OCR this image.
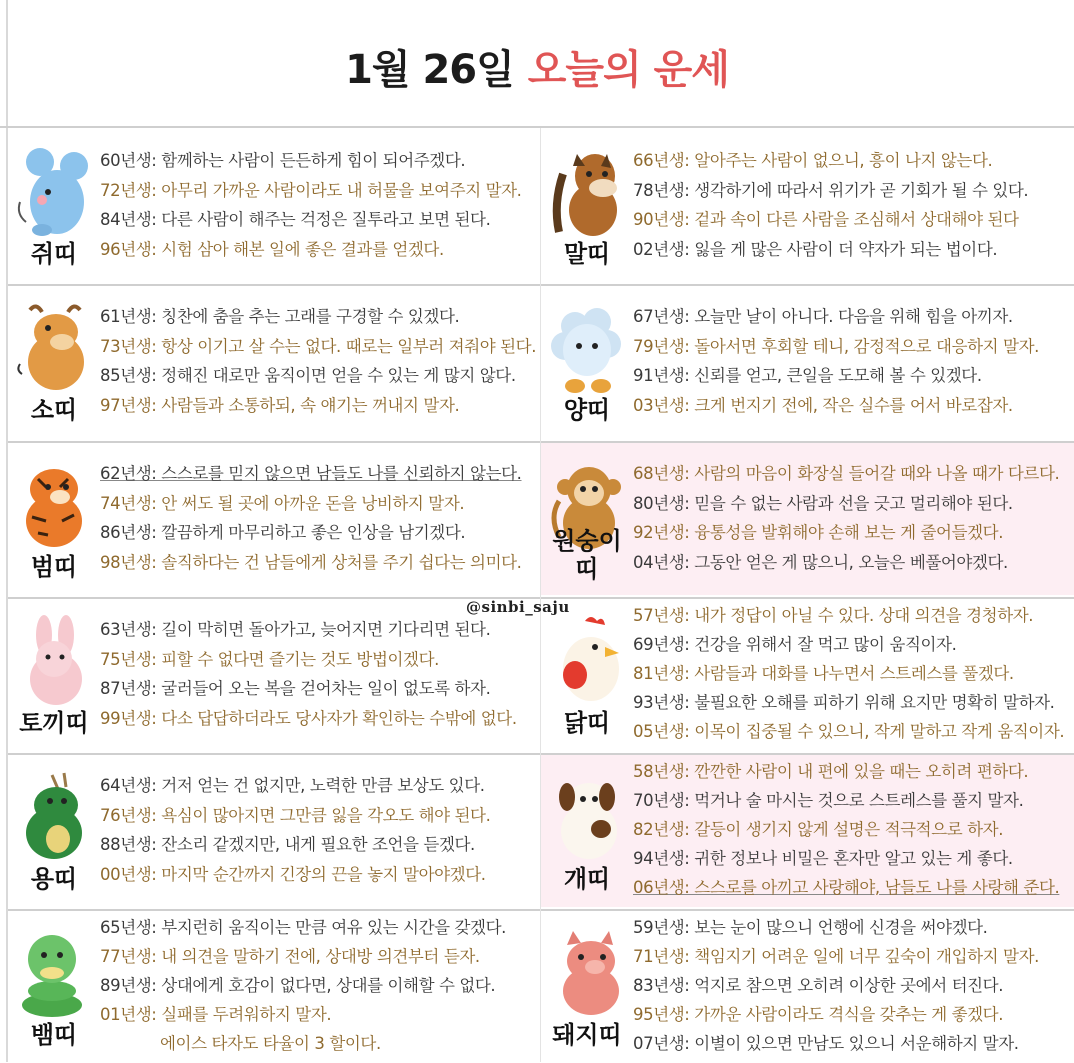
1월 26일 오늘의 운세
쥐띠
60년생: 함께하는 사람이 든든하게 힘이 되어주겠다.
72년생: 아무리 가까운 사람이라도 내 허물을 보여주지 말자.
84년생: 다른 사람이 해주는 걱정은 질투라고 보면 된다.
96년생: 시험 삼아 해본 일에 좋은 결과를 얻겠다.	말띠
66년생: 알아주는 사람이 없으니, 흥이 나지 않는다.
78년생: 생각하기에 따라서 위기가 곧 기회가 될 수 있다.
90년생: 겉과 속이 다른 사람을 조심해서 상대해야 된다
02년생: 잃을 게 많은 사람이 더 약자가 되는 법이다.
소띠
61년생: 칭찬에 춤을 추는 고래를 구경할 수 있겠다.
73년생: 항상 이기고 살 수는 없다. 때로는 일부러 져줘야 된다.
85년생: 정해진 대로만 움직이면 얻을 수 있는 게 많지 않다.
97년생: 사람들과 소통하되, 속 얘기는 꺼내지 말자.	양띠
67년생: 오늘만 날이 아니다. 다음을 위해 힘을 아끼자.
79년생: 돌아서면 후회할 테니, 감정적으로 대응하지 말자.
91년생: 신뢰를 얻고, 큰일을 도모해 볼 수 있겠다.
03년생: 크게 번지기 전에, 작은 실수를 어서 바로잡자.
범띠
62년생: 스스로를 믿지 않으면 남들도 나를 신뢰하지 않는다.
74년생: 안 써도 될 곳에 아까운 돈을 낭비하지 말자.
86년생: 깔끔하게 마무리하고 좋은 인상을 남기겠다.
98년생: 솔직하다는 건 남들에게 상처를 주기 쉽다는 의미다.
원숭이띠
68년생: 사람의 마음이 화장실 들어갈 때와 나올 때가 다르다.
80년생: 믿을 수 없는 사람과 선을 긋고 멀리해야 된다.
92년생: 융통성을 발휘해야 손해 보는 게 줄어들겠다.
04년생: 그동안 얻은 게 많으니, 오늘은 베풀어야겠다.
토끼띠
63년생: 길이 막히면 돌아가고, 늦어지면 기다리면 된다.
75년생: 피할 수 없다면 즐기는 것도 방법이겠다.
87년생: 굴러들어 오는 복을 걷어차는 일이 없도록 하자.
99년생: 다소 답답하더라도 당사자가 확인하는 수밖에 없다.	닭띠
57년생: 내가 정답이 아닐 수 있다. 상대 의견을 경청하자.
69년생: 건강을 위해서 잘 먹고 많이 움직이자.
81년생: 사람들과 대화를 나누면서 스트레스를 풀겠다.
93년생: 불필요한 오해를 피하기 위해 요지만 명확히 말하자.
05년생: 이목이 집중될 수 있으니, 작게 말하고 작게 움직이자.
용띠
64년생: 거저 얻는 건 없지만, 노력한 만큼 보상도 있다.
76년생: 욕심이 많아지면 그만큼 잃을 각오도 해야 된다.
88년생: 잔소리 같겠지만, 내게 필요한 조언을 듣겠다.
00년생: 마지막 순간까지 긴장의 끈을 놓지 말아야겠다.	개띠
58년생: 깐깐한 사람이 내 편에 있을 때는 오히려 편하다.
70년생: 먹거나 술 마시는 것으로 스트레스를 풀지 말자.
82년생: 갈등이 생기지 않게 설명은 적극적으로 하자.
94년생: 귀한 정보나 비밀은 혼자만 알고 있는 게 좋다.
06년생: 스스로를 아끼고 사랑해야, 남들도 나를 사랑해 준다.
뱀띠
65년생: 부지런히 움직이는 만큼 여유 있는 시간을 갖겠다.
77년생: 내 의견을 말하기 전에, 상대방 의견부터 듣자.
89년생: 상대에게 호감이 없다면, 상대를 이해할 수 없다.
01년생: 실패를 두려워하지 말자.
에이스 타자도 타율이 3 할이다.	돼지띠
59년생: 보는 눈이 많으니 언행에 신경을 써야겠다.
71년생: 책임지기 어려운 일에 너무 깊숙이 개입하지 말자.
83년생: 억지로 참으면 오히려 이상한 곳에서 터진다.
95년생: 가까운 사람이라도 격식을 갖추는 게 좋겠다.
07년생: 이별이 있으면 만남도 있으니 서운해하지 말자.
@sinbi_saju
